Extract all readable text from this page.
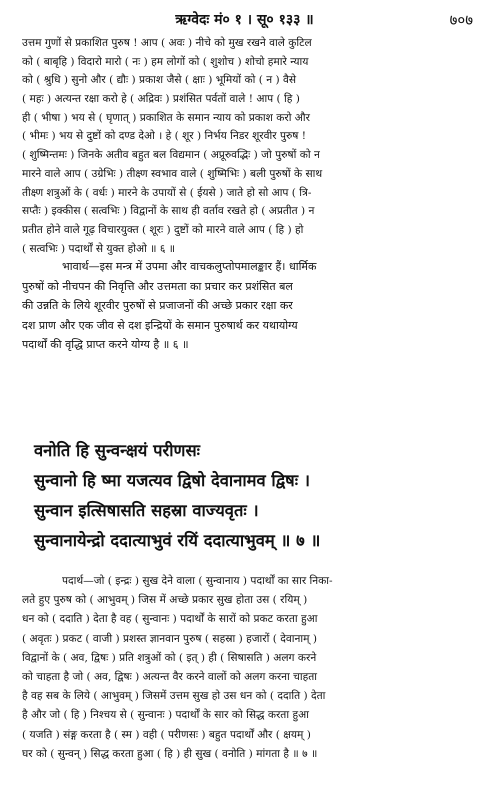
ऋग्वेदः मं० १ । सू० १३३ ॥	७०७
उत्तम गुणों से प्रकाशित पुरुष ! आप ( अवः ) नीचे को मुख रखने वाले कुटिल
को ( बाबृहि ) विदारो मारो ( नः ) हम लोगों को ( शुशोच ) शोचो हमारे न्याय
को ( श्रुधि ) सुनो और ( द्यौः ) प्रकाश जैसे ( क्षाः ) भूमियों को ( न ) वैसे
( महः ) अत्यन्त रक्षा करो हे ( अद्रिवः ) प्रशंसित पर्वतों वाले ! आप ( हि )
ही ( भीषा ) भय से ( घृणात् ) प्रकाशित के समान न्याय को प्रकाश करो और
( भीमः ) भय से दुष्टों को दण्ड देओ । हे ( शूर ) निर्भय निडर शूरवीर पुरुष !
( शुष्मिन्तमः ) जिनके अतीव बहुत बल विद्यमान ( अप्रूरुवद्भिः ) जो पुरुषों को न
मारने वाले आप ( उग्रेभिः ) तीक्ष्ण स्वभाव वाले ( शुष्मिभिः ) बली पुरुषों के साथ
तीक्ष्ण शत्रुओं के ( वर्धः ) मारने के उपायों से ( ईयसे ) जाते हो सो आप ( त्रि-
सप्तैः ) इक्कीस ( सत्वभिः ) विद्वानों के साथ ही वर्ताव रखते हो ( अप्रतीत ) न
प्रतीत होने वाले गूढ़ विचारयुक्त ( शूरः ) दुष्टों को मारने वाले आप ( हि ) हो
( सत्वभिः ) पदार्थों से युक्त होओ ॥ ६ ॥
भावार्थ—इस मन्त्र में उपमा और वाचकलुप्तोपमालङ्कार हैं। धार्मिक
पुरुषों को नीचपन की निवृत्ति और उत्तमता का प्रचार कर प्रशंसित बल
की उन्नति के लिये शूरवीर पुरुषों से प्रजाजनों की अच्छे प्रकार रक्षा कर
दश प्राण और एक जीव से दश इन्द्रियों के समान पुरुषार्थ कर यथायोग्य
पदार्थों की वृद्धि प्राप्त करने योग्य है ॥ ६ ॥
वनोति हि सुन्वन्क्षयं परीणसः
सुन्वानो हि ष्मा यजत्यव द्विषो देवानामव द्विषः ।
सुन्वान इत्सिषासति सहस्रा वाज्यवृतः ।
सुन्वानायेन्द्रो ददात्याभुवं रयिं ददात्याभुवम् ॥ ७ ॥
पदार्थ—जो ( इन्द्रः ) सुख देने वाला ( सुन्वानाय ) पदार्थों का सार निका-
लते हुए पुरुष को ( आभुवम् ) जिस में अच्छे प्रकार सुख होता उस ( रयिम् )
धन को ( ददाति ) देता है वह ( सुन्वानः ) पदार्थों के सारों को प्रकट करता हुआ
( अवृतः ) प्रकट ( वाजी ) प्रशस्त ज्ञानवान पुरुष ( सहस्रा ) हजारों ( देवानाम् )
विद्वानों के ( अव, द्विषः ) प्रति शत्रुओं को ( इत् ) ही ( सिषासति ) अलग करने
को चाहता है जो ( अव, द्विषः ) अत्यन्त वैर करने वालों को अलग करना चाहता
है वह सब के लिये ( आभुवम् ) जिसमें उत्तम सुख हो उस धन को ( ददाति ) देता
है और जो ( हि ) निश्चय से ( सुन्वानः ) पदार्थों के सार को सिद्ध करता हुआ
( यजति ) संङ्ग करता है ( स्म ) वही ( परीणसः ) बहुत पदार्थों और ( क्षयम् )
घर को ( सुन्वन् ) सिद्ध करता हुआ ( हि ) ही सुख ( वनोति ) मांगता है ॥ ७ ॥
